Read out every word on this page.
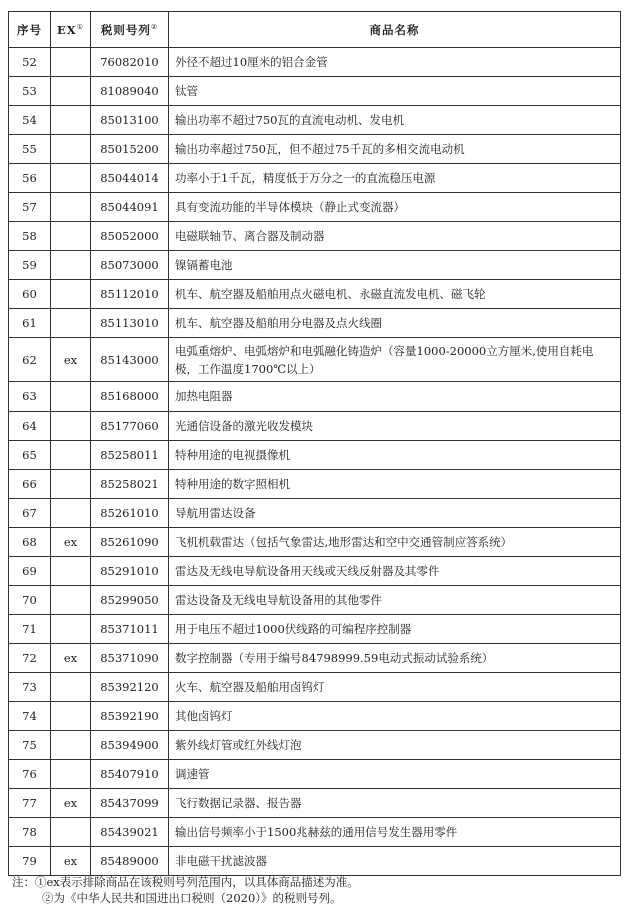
序号	EX①	税则号列②	商品名称
52		76082010	外径不超过10厘米的铝合金管
53		81089040	钛管
54		85013100	输出功率不超过750瓦的直流电动机、发电机
55		85015200	输出功率超过750瓦，但不超过75千瓦的多相交流电动机
56		85044014	功率小于1千瓦，精度低于万分之一的直流稳压电源
57		85044091	具有变流功能的半导体模块（静止式变流器）
58		85052000	电磁联轴节、离合器及制动器
59		85073000	镍镉蓄电池
60		85112010	机车、航空器及船舶用点火磁电机、永磁直流发电机、磁飞轮
61		85113010	机车、航空器及船舶用分电器及点火线圈
62	ex	85143000	电弧重熔炉、电弧熔炉和电弧融化铸造炉（容量1000-20000立方厘米,使用自耗电极，工作温度1700℃以上）
63		85168000	加热电阻器
64		85177060	光通信设备的激光收发模块
65		85258011	特种用途的电视摄像机
66		85258021	特种用途的数字照相机
67		85261010	导航用雷达设备
68	ex	85261090	飞机机载雷达（包括气象雷达,地形雷达和空中交通管制应答系统）
69		85291010	雷达及无线电导航设备用天线或天线反射器及其零件
70		85299050	雷达设备及无线电导航设备用的其他零件
71		85371011	用于电压不超过1000伏线路的可编程序控制器
72	ex	85371090	数字控制器（专用于编号84798999.59电动式振动试验系统）
73		85392120	火车、航空器及船舶用卤钨灯
74		85392190	其他卤钨灯
75		85394900	紫外线灯管或红外线灯泡
76		85407910	调速管
77	ex	85437099	飞行数据记录器、报告器
78		85439021	输出信号频率小于1500兆赫兹的通用信号发生器用零件
79	ex	85489000	非电磁干扰滤波器
注：①ex表示排除商品在该税则号列范围内，以具体商品描述为准。
②为《中华人民共和国进出口税则（2020）》的税则号列。
